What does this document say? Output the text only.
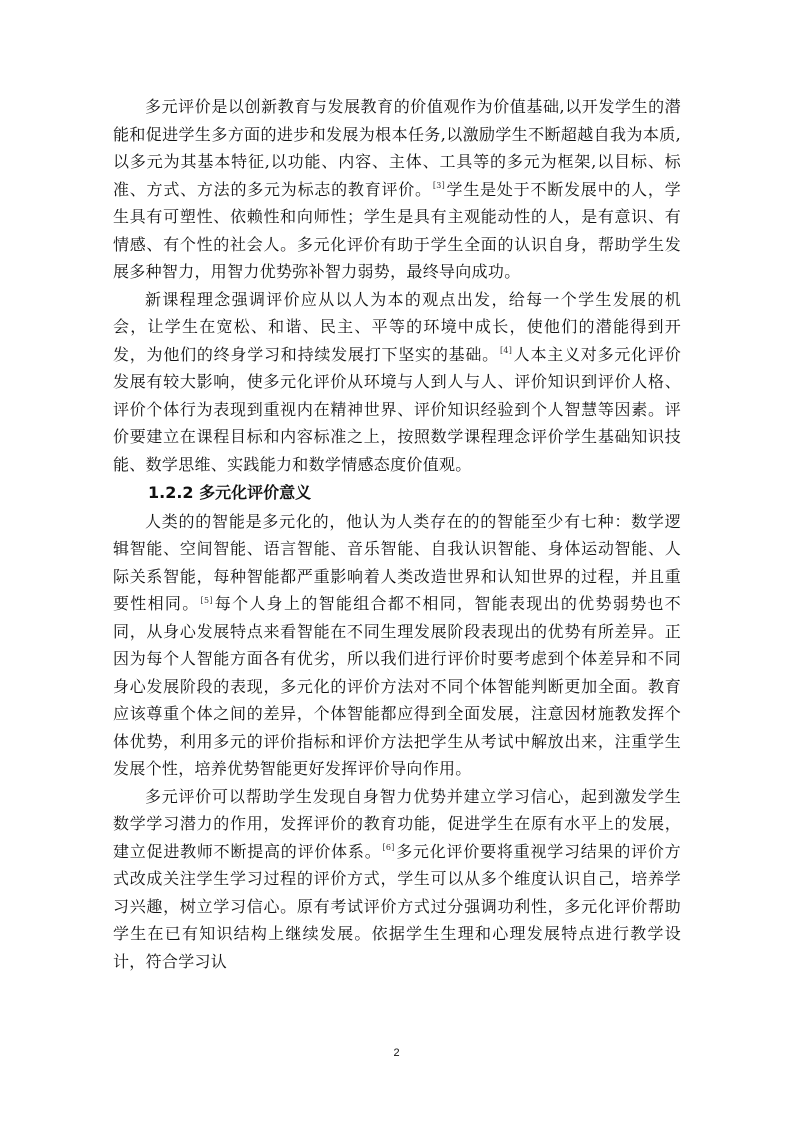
多元评价是以创新教育与发展教育的价值观作为价值基础,以开发学生的潜能和促进学生多方面的进步和发展为根本任务,以激励学生不断超越自我为本质,以多元为其基本特征,以功能、内容、主体、工具等的多元为框架,以目标、标准、方式、方法的多元为标志的教育评价。[3]学生是处于不断发展中的人，学生具有可塑性、依赖性和向师性；学生是具有主观能动性的人，是有意识、有情感、有个性的社会人。多元化评价有助于学生全面的认识自身，帮助学生发展多种智力，用智力优势弥补智力弱势，最终导向成功。

新课程理念强调评价应从以人为本的观点出发，给每一个学生发展的机会，让学生在宽松、和谐、民主、平等的环境中成长，使他们的潜能得到开发，为他们的终身学习和持续发展打下坚实的基础。[4]人本主义对多元化评价发展有较大影响，使多元化评价从环境与人到人与人、评价知识到评价人格、评价个体行为表现到重视内在精神世界、评价知识经验到个人智慧等因素。评价要建立在课程目标和内容标准之上，按照数学课程理念评价学生基础知识技能、数学思维、实践能力和数学情感态度价值观。

1.2.2 多元化评价意义

人类的的智能是多元化的，他认为人类存在的的智能至少有七种：数学逻辑智能、空间智能、语言智能、音乐智能、自我认识智能、身体运动智能、人际关系智能，每种智能都严重影响着人类改造世界和认知世界的过程，并且重要性相同。[5]每个人身上的智能组合都不相同，智能表现出的优势弱势也不同，从身心发展特点来看智能在不同生理发展阶段表现出的优势有所差异。正因为每个人智能方面各有优劣，所以我们进行评价时要考虑到个体差异和不同身心发展阶段的表现，多元化的评价方法对不同个体智能判断更加全面。教育应该尊重个体之间的差异，个体智能都应得到全面发展，注意因材施教发挥个体优势，利用多元的评价指标和评价方法把学生从考试中解放出来，注重学生发展个性，培养优势智能更好发挥评价导向作用。

多元评价可以帮助学生发现自身智力优势并建立学习信心，起到激发学生数学学习潜力的作用，发挥评价的教育功能，促进学生在原有水平上的发展，建立促进教师不断提高的评价体系。[6]多元化评价要将重视学习结果的评价方式改成关注学生学习过程的评价方式，学生可以从多个维度认识自己，培养学习兴趣，树立学习信心。原有考试评价方式过分强调功利性，多元化评价帮助学生在已有知识结构上继续发展。依据学生生理和心理发展特点进行教学设计，符合学习认

2
